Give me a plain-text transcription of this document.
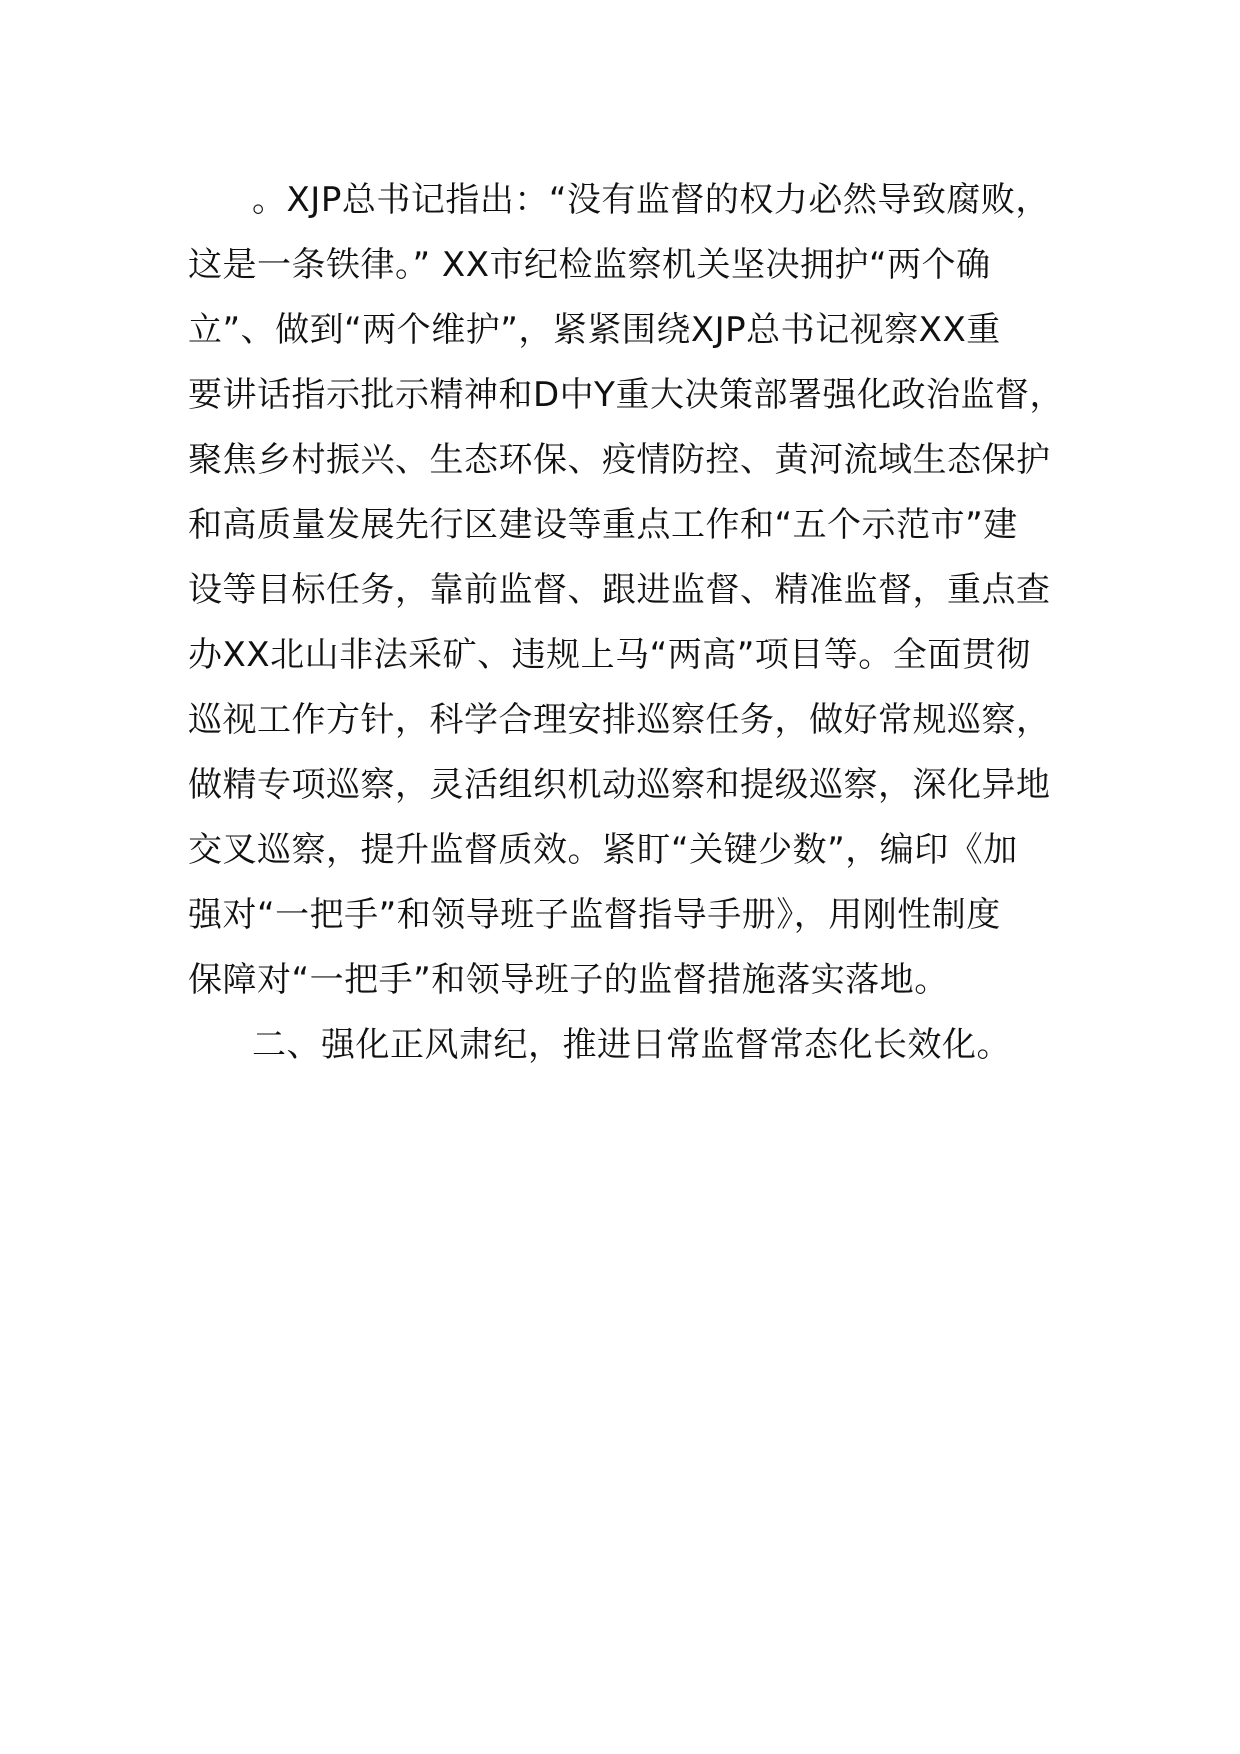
。XJP总书记指出：“没有监督的权力必然导致腐败，
这是一条铁律。” XX市纪检监察机关坚决拥护“两个确
立”、做到“两个维护”，紧紧围绕XJP总书记视察XX重
要讲话指示批示精神和D中Y重大决策部署强化政治监督，
聚焦乡村振兴、生态环保、疫情防控、黄河流域生态保护
和高质量发展先行区建设等重点工作和“五个示范市”建
设等目标任务，靠前监督、跟进监督、精准监督，重点查
办XX北山非法采矿、违规上马“两高”项目等。全面贯彻
巡视工作方针，科学合理安排巡察任务，做好常规巡察，
做精专项巡察，灵活组织机动巡察和提级巡察，深化异地
交叉巡察，提升监督质效。紧盯“关键少数”，编印《加
强对“一把手”和领导班子监督指导手册》，用刚性制度
保障对“一把手”和领导班子的监督措施落实落地。
二、强化正风肃纪，推进日常监督常态化长效化。
